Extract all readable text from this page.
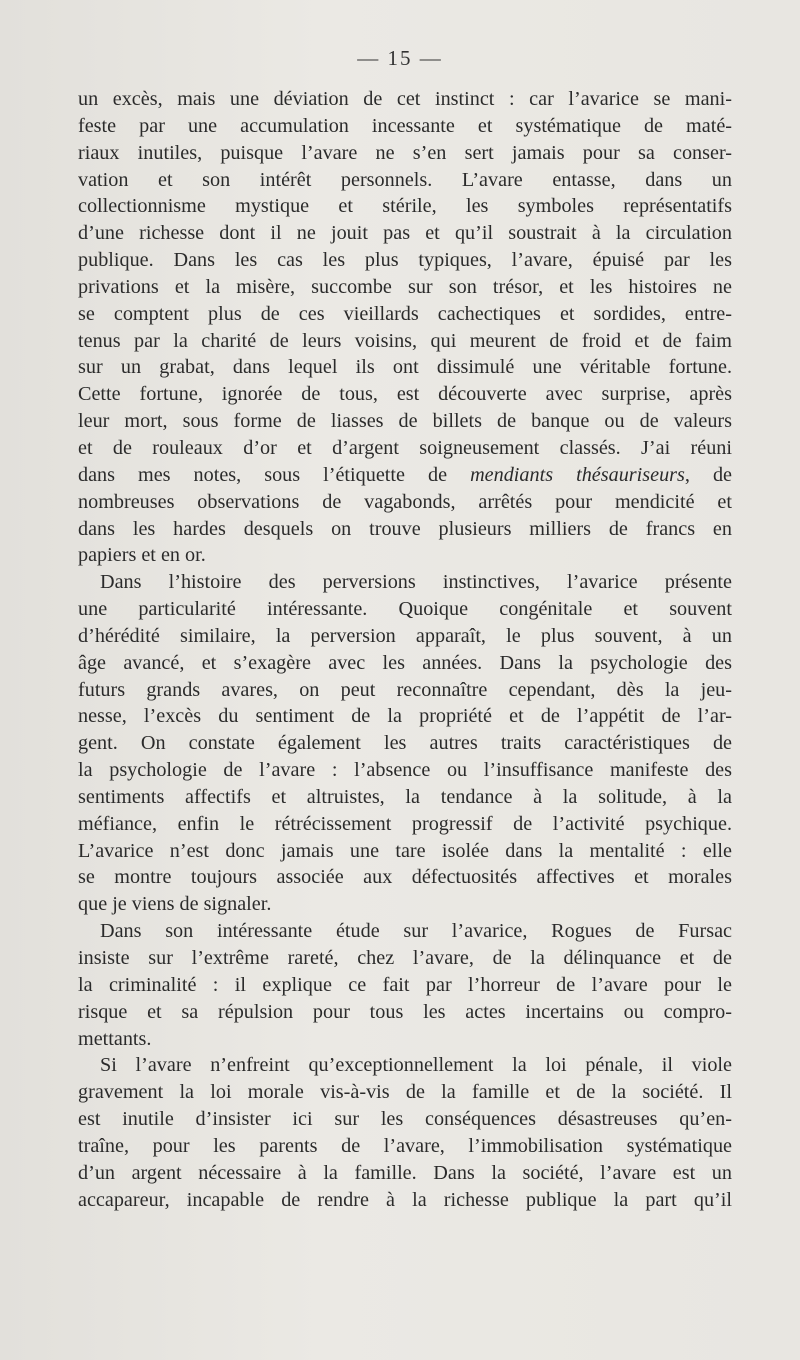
— 15 —
un excès, mais une déviation de cet instinct : car l’avarice se mani-
feste par une accumulation incessante et systématique de maté-
riaux inutiles, puisque l’avare ne s’en sert jamais pour sa conser-
vation et son intérêt personnels. L’avare entasse, dans un
collectionnisme mystique et stérile, les symboles représentatifs
d’une richesse dont il ne jouit pas et qu’il soustrait à la circulation
publique. Dans les cas les plus typiques, l’avare, épuisé par les
privations et la misère, succombe sur son trésor, et les histoires ne
se comptent plus de ces vieillards cachectiques et sordides, entre-
tenus par la charité de leurs voisins, qui meurent de froid et de faim
sur un grabat, dans lequel ils ont dissimulé une véritable fortune.
Cette fortune, ignorée de tous, est découverte avec surprise, après
leur mort, sous forme de liasses de billets de banque ou de valeurs
et de rouleaux d’or et d’argent soigneusement classés. J’ai réuni
dans mes notes, sous l’étiquette de mendiants thésauriseurs, de
nombreuses observations de vagabonds, arrêtés pour mendicité et
dans les hardes desquels on trouve plusieurs milliers de francs en
papiers et en or.
Dans l’histoire des perversions instinctives, l’avarice présente
une particularité intéressante. Quoique congénitale et souvent
d’hérédité similaire, la perversion apparaît, le plus souvent, à un
âge avancé, et s’exagère avec les années. Dans la psychologie des
futurs grands avares, on peut reconnaître cependant, dès la jeu-
nesse, l’excès du sentiment de la propriété et de l’appétit de l’ar-
gent. On constate également les autres traits caractéristiques de
la psychologie de l’avare : l’absence ou l’insuffisance manifeste des
sentiments affectifs et altruistes, la tendance à la solitude, à la
méfiance, enfin le rétrécissement progressif de l’activité psychique.
L’avarice n’est donc jamais une tare isolée dans la mentalité : elle
se montre toujours associée aux défectuosités affectives et morales
que je viens de signaler.
Dans son intéressante étude sur l’avarice, Rogues de Fursac
insiste sur l’extrême rareté, chez l’avare, de la délinquance et de
la criminalité : il explique ce fait par l’horreur de l’avare pour le
risque et sa répulsion pour tous les actes incertains ou compro-
mettants.
Si l’avare n’enfreint qu’exceptionnellement la loi pénale, il viole
gravement la loi morale vis-à-vis de la famille et de la société. Il
est inutile d’insister ici sur les conséquences désastreuses qu’en-
traîne, pour les parents de l’avare, l’immobilisation systématique
d’un argent nécessaire à la famille. Dans la société, l’avare est un
accapareur, incapable de rendre à la richesse publique la part qu’il
